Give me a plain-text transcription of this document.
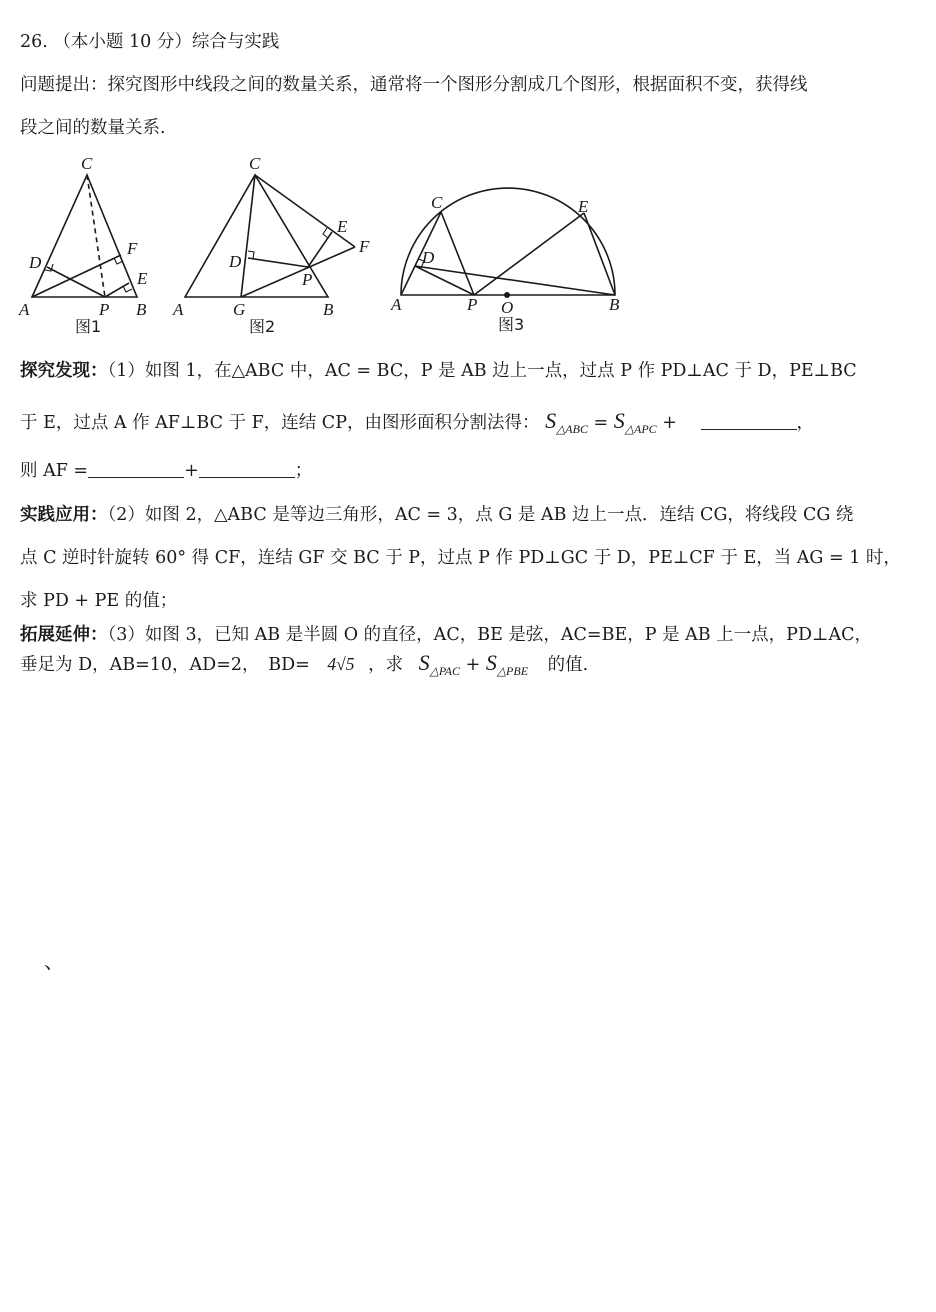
26. （本小题 10 分）综合与实践
问题提出：探究图形中线段之间的数量关系，通常将一个图形分割成几个图形，根据面积不变，获得线
段之间的数量关系.
C
D
F
E
A	P B
图1
C
E
F
D
P
A	G	B
图2
C	E
D
A	P O	B
图3
探究发现：（1）如图 1，在△ABC 中，AC = BC，P 是 AB 边上一点，过点 P 作 PD⊥AC 于 D，PE⊥BC
于 E，过点 A 作 AF⊥BC 于 F，连结 CP，由图形面积分割法得： $S_{\triangle ABC} = S_{\triangle APC}$ +	，
则 AF =	+	；
实践应用：（2）如图 2，△ABC 是等边三角形，AC = 3，点 G 是 AB 边上一点．连结 CG，将线段 CG 绕
点 C 逆时针旋转 60° 得 CF，连结 GF 交 BC 于 P，过点 P 作 PD⊥GC 于 D，PE⊥CF 于 E，当 AG = 1 时，
求 PD + PE 的值；
拓展延伸：（3）如图 3，已知 AB 是半圆 O 的直径，AC，BE 是弦，AC=BE，P 是 AB 上一点，PD⊥AC，
垂足为 D，AB=10，AD=2，　BD= 4√5 ，求 $S_{\triangle PAC} + S_{\triangle PBE}$ 的值.
、
